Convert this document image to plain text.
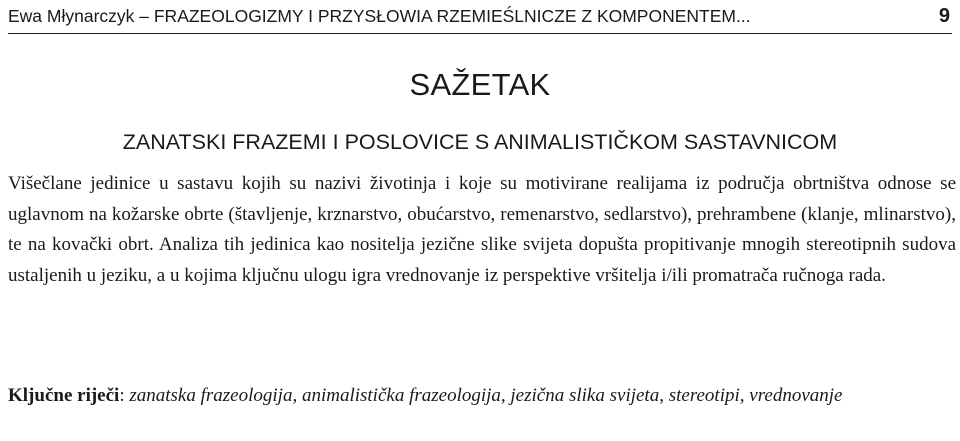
Ewa Młynarczyk – FRAZEOLOGIZMY I PRZYSŁOWIA RZEMIEŚLNICZE Z KOMPONENTEM...	9
SAŽETAK
ZANATSKI FRAZEMI I POSLOVICE S ANIMALISTIČKOM SASTAVNICOM

Višečlane jedinice u sastavu kojih su nazivi životinja i koje su motivirane realijama iz područja obrtništva odnose se uglavnom na kožarske obrte (štavljenje, krznarstvo, obućarstvo, remenarstvo, sedlarstvo), prehrambene (klanje, mlinarstvo), te na kovački obrt. Analiza tih jedinica kao nositelja jezične slike svijeta dopušta propitivanje mnogih stereotipnih sudova ustaljenih u jeziku, a u kojima ključnu ulogu igra vrednovanje iz perspektive vršitelja i/ili promatrača ručnoga rada.

Ključne riječi: zanatska frazeologija, animalistička frazeologija, jezična slika svijeta, stereotipi, vrednovanje
